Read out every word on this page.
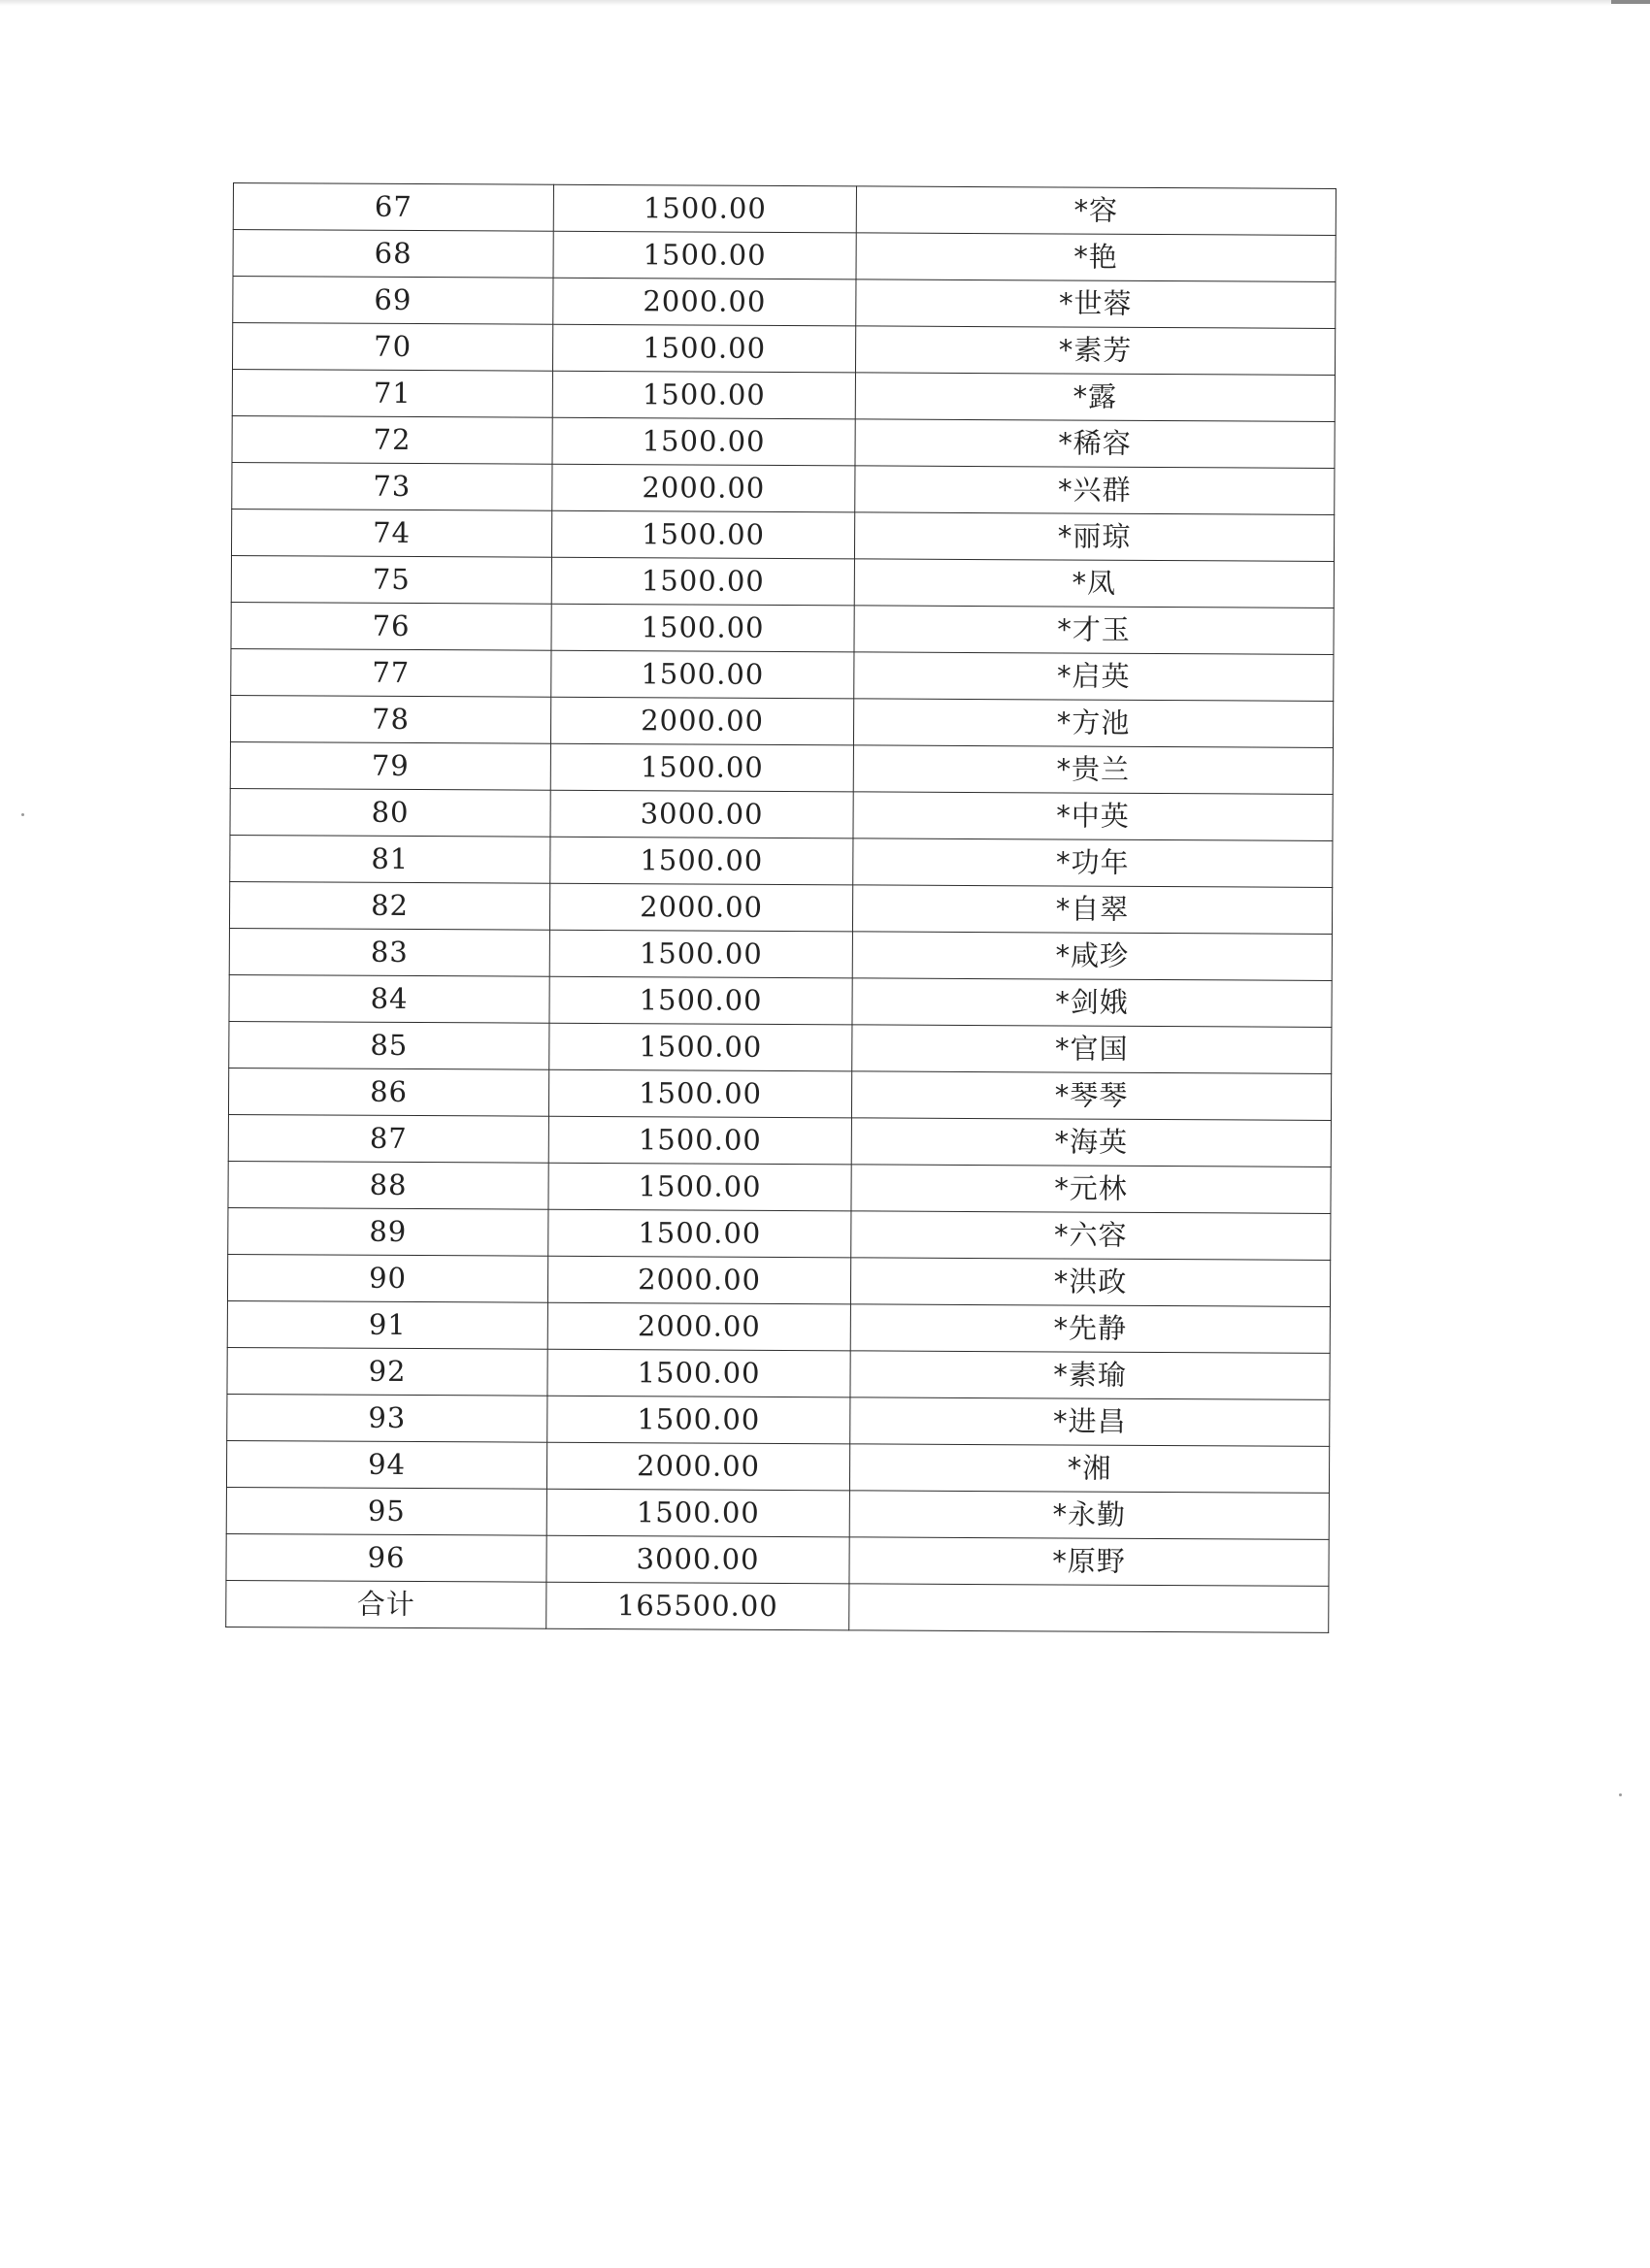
67	1500.00	*容
68	1500.00	*艳
69	2000.00	*世蓉
70	1500.00	*素芳
71	1500.00	*露
72	1500.00	*稀容
73	2000.00	*兴群
74	1500.00	*丽琼
75	1500.00	*凤
76	1500.00	*才玉
77	1500.00	*启英
78	2000.00	*方池
79	1500.00	*贵兰
80	3000.00	*中英
81	1500.00	*功年
82	2000.00	*自翠
83	1500.00	*咸珍
84	1500.00	*剑娥
85	1500.00	*官国
86	1500.00	*琴琴
87	1500.00	*海英
88	1500.00	*元林
89	1500.00	*六容
90	2000.00	*洪政
91	2000.00	*先静
92	1500.00	*素瑜
93	1500.00	*进昌
94	2000.00	*湘
95	1500.00	*永勤
96	3000.00	*原野
合计	165500.00	
